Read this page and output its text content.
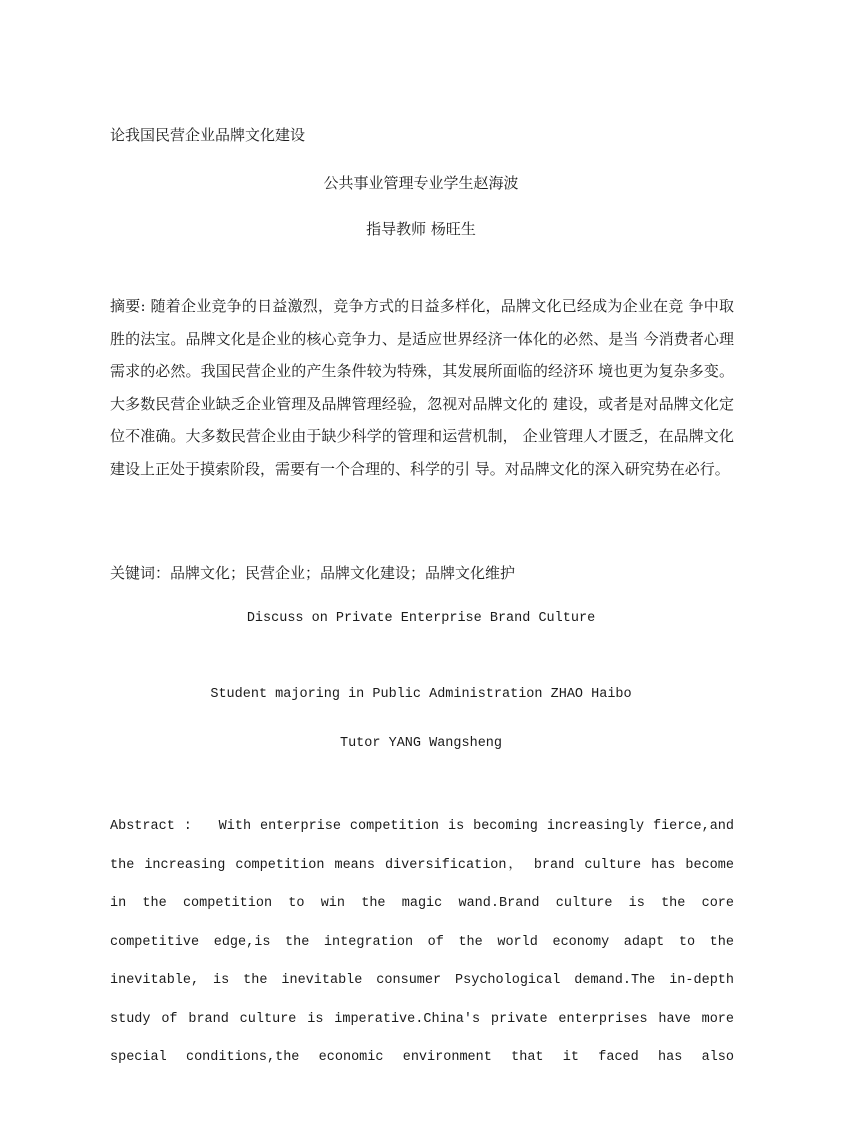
论我国民营企业品牌文化建设
公共事业管理专业学生赵海波
指导教师 杨旺生

摘要: 随着企业竞争的日益激烈，竞争方式的日益多样化，品牌文化已经成为企业在竞 争中取胜的法宝。品牌文化是企业的核心竞争力、是适应世界经济一体化的必然、是当 今消费者心理需求的必然。我国民营企业的产生条件较为特殊，其发展所面临的经济环 境也更为复杂多变。大多数民营企业缺乏企业管理及品牌管理经验，忽视对品牌文化的 建设，或者是对品牌文化定位不准确。大多数民营企业由于缺少科学的管理和运营机制， 企业管理人才匮乏，在品牌文化建设上正处于摸索阶段，需要有一个合理的、科学的引 导。对品牌文化的深入研究势在必行。

关键词：品牌文化；民营企业；品牌文化建设；品牌文化维护

Discuss on Private Enterprise Brand Culture
Student majoring in Public Administration ZHAO Haibo
Tutor YANG Wangsheng

Abstract : With enterprise competition is becoming increasingly fierce,and the increasing competition means diversification， brand culture has become in the competition to win the magic wand.Brand culture is the core competitive edge,is the integration of the world economy adapt to the inevitable, is the inevitable consumer Psychological demand.The in-depth study of brand culture is imperative.China's private enterprises have more special conditions,the economic environment that it faced has also
